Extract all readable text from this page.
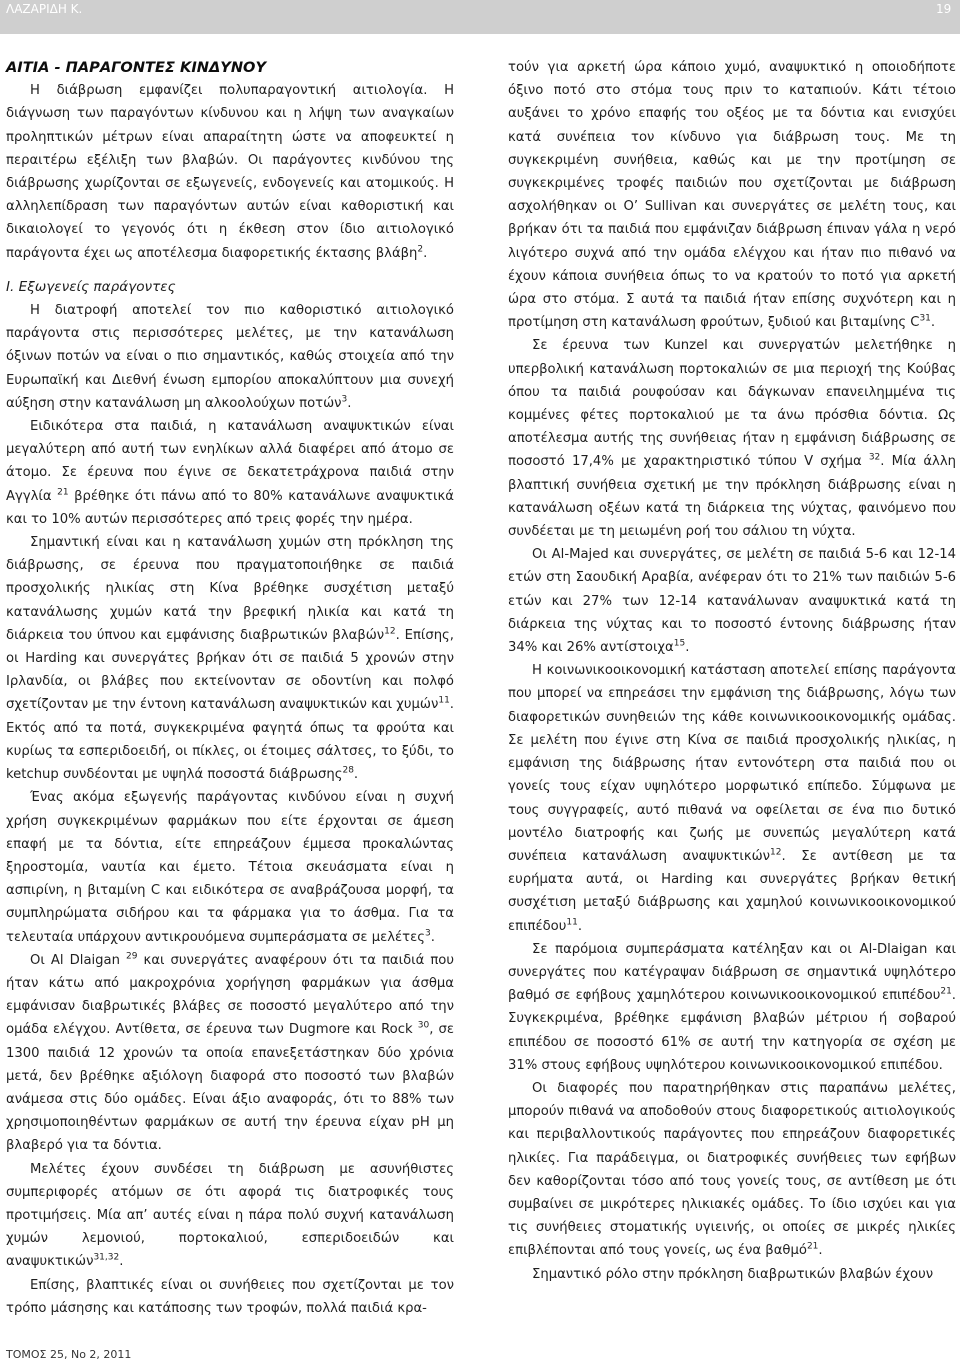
ΛΑΖΑΡΙΔΗ Κ.	19

ΑΙΤΙΑ - ΠΑΡΑΓΟΝΤΕΣ ΚΙΝΔΥΝΟΥ

Η διάβρωση εμφανίζει πολυπαραγοντική αιτιολογία. Η διάγνωση των παραγόντων κίνδυνου και η λήψη των αναγκαίων προληπτικών μέτρων είναι απαραίτητη ώστε να αποφευκτεί η περαιτέρω εξέλιξη των βλαβών. Οι παράγοντες κινδύνου της διάβρωσης χωρίζονται σε εξωγενείς, ενδογενείς και ατομικούς. Η αλληλεπίδραση των παραγόντων αυτών είναι καθοριστική και δικαιολογεί το γεγονός ότι η έκθεση στον ίδιο αιτιολογικό παράγοντα έχει ως αποτέλεσμα διαφορετικής έκτασης βλάβη$^2$.

Ι. Εξωγενείς παράγοντες

Η διατροφή αποτελεί τον πιο καθοριστικό αιτιολογικό παράγοντα στις περισσότερες μελέτες, με την κατανάλωση όξινων ποτών να είναι ο πιο σημαντικός, καθώς στοιχεία από την Ευρωπαϊκή και Διεθνή ένωση εμπορίου αποκαλύπτουν μια συνεχή αύξηση στην κατανάλωση μη αλκοολούχων ποτών$^3$.

Ειδικότερα στα παιδιά, η κατανάλωση αναψυκτικών είναι μεγαλύτερη από αυτή των ενηλίκων αλλά διαφέρει από άτομο σε άτομο. Σε έρευνα που έγινε σε δεκατετράχρονα παιδιά στην Αγγλία $^{21}$ βρέθηκε ότι πάνω από το 80% κατανάλωνε αναψυκτικά και το 10% αυτών περισσότερες από τρεις φορές την ημέρα.

Σημαντική είναι και η κατανάλωση χυμών στη πρόκληση της διάβρωσης, σε έρευνα που πραγματοποιήθηκε σε παιδιά προσχολικής ηλικίας στη Κίνα βρέθηκε συσχέτιση μεταξύ κατανάλωσης χυμών κατά την βρεφική ηλικία και κατά τη διάρκεια του ύπνου και εμφάνισης διαβρωτικών βλαβών$^{12}$. Επίσης, οι Harding και συνεργάτες βρήκαν ότι σε παιδιά 5 χρονών στην Ιρλανδία, οι βλάβες που εκτείνονταν σε οδοντίνη και πολφό σχετίζονταν με την έντονη κατανάλωση αναψυκτικών και χυμών$^{11}$. Εκτός από τα ποτά, συγκεκριμένα φαγητά όπως τα φρούτα και κυρίως τα εσπεριδοειδή, οι πίκλες, οι έτοιμες σάλτσες, το ξύδι, το ketchup συνδέονται με υψηλά ποσοστά διάβρωσης$^{28}$.

Ένας ακόμα εξωγενής παράγοντας κινδύνου είναι η συχνή χρήση συγκεκριμένων φαρμάκων που είτε έρχονται σε άμεση επαφή με τα δόντια, είτε επηρεάζουν έμμεσα προκαλώντας ξηροστομία, ναυτία και έμετο. Τέτοια σκευάσματα είναι η ασπιρίνη, η βιταμίνη C και ειδικότερα σε αναβράζουσα μορφή, τα συμπληρώματα σιδήρου και τα φάρμακα για το άσθμα. Για τα τελευταία υπάρχουν αντικρουόμενα συμπεράσματα σε μελέτες$^3$.

Οι Al Dlaigan $^{29}$ και συνεργάτες αναφέρουν ότι τα παιδιά που ήταν κάτω από μακροχρόνια χορήγηση φαρμάκων για άσθμα εμφάνισαν διαβρωτικές βλάβες σε ποσοστό μεγαλύτερο από την ομάδα ελέγχου. Αντίθετα, σε έρευνα των Dugmore και Rock $^{30}$, σε 1300 παιδιά 12 χρονών τα οποία επανεξετάστηκαν δύο χρόνια μετά, δεν βρέθηκε αξιόλογη διαφορά στο ποσοστό των βλαβών ανάμεσα στις δύο ομάδες. Είναι άξιο αναφοράς, ότι το 88% των χρησιμοποιηθέντων φαρμάκων σε αυτή την έρευνα είχαν pH μη βλαβερό για τα δόντια.

Μελέτες έχουν συνδέσει τη διάβρωση με ασυνήθιστες συμπεριφορές ατόμων σε ότι αφορά τις διατροφικές τους προτιμήσεις. Μία απ’ αυτές είναι η πάρα πολύ συχνή κατανάλωση χυμών λεμονιού, πορτοκαλιού, εσπεριδοειδών και αναψυκτικών$^{31,32}$.

Επίσης, βλαπτικές είναι οι συνήθειες που σχετίζονται με τον τρόπο μάσησης και κατάποσης των τροφών, πολλά παιδιά κρα-

τούν για αρκετή ώρα κάποιο χυμό, αναψυκτικό η οποιοδήποτε όξινο ποτό στο στόμα τους πριν το καταπιούν. Κάτι τέτοιο αυξάνει το χρόνο επαφής του οξέος με τα δόντια και ενισχύει κατά συνέπεια τον κίνδυνο για διάβρωση τους. Με τη συγκεκριμένη συνήθεια, καθώς και με την προτίμηση σε συγκεκριμένες τροφές παιδιών που σχετίζονται με διάβρωση ασχολήθηκαν οι O’ Sullivan και συνεργάτες σε μελέτη τους, και βρήκαν ότι τα παιδιά που εμφάνιζαν διάβρωση έπιναν γάλα η νερό λιγότερο συχνά από την ομάδα ελέγχου και ήταν πιο πιθανό να έχουν κάποια συνήθεια όπως το να κρατούν το ποτό για αρκετή ώρα στο στόμα. Σ αυτά τα παιδιά ήταν επίσης συχνότερη και η προτίμηση στη κατανάλωση φρούτων, ξυδιού και βιταμίνης $C^{31}$.

Σε έρευνα των Kunzel και συνεργατών μελετήθηκε η υπερβολική κατανάλωση πορτοκαλιών σε μια περιοχή της Κούβας όπου τα παιδιά ρουφούσαν και δάγκωναν επανειλημμένα τις κομμένες φέτες πορτοκαλιού με τα άνω πρόσθια δόντια. Ως αποτέλεσμα αυτής της συνήθειας ήταν η εμφάνιση διάβρωσης σε ποσοστό 17,4% με χαρακτηριστικό τύπου V σχήμα $^{32}$. Μία άλλη βλαπτική συνήθεια σχετική με την πρόκληση διάβρωσης είναι η κατανάλωση οξέων κατά τη διάρκεια της νύχτας, φαινόμενο που συνδέεται με τη μειωμένη ροή του σάλιου τη νύχτα.

Οι Al-Majed και συνεργάτες, σε μελέτη σε παιδιά 5-6 και 12-14 ετών στη Σαουδική Αραβία, ανέφεραν ότι το 21% των παιδιών 5-6 ετών και 27% των 12-14 κατανάλωναν αναψυκτικά κατά τη διάρκεια της νύχτας και το ποσοστό έντονης διάβρωσης ήταν 34% και 26% αντίστοιχα$^{15}$.

Η κοινωνικοοικονομική κατάσταση αποτελεί επίσης παράγοντα που μπορεί να επηρεάσει την εμφάνιση της διάβρωσης, λόγω των διαφορετικών συνηθειών της κάθε κοινωνικοοικονομικής ομάδας. Σε μελέτη που έγινε στη Κίνα σε παιδιά προσχολικής ηλικίας, η εμφάνιση της διάβρωσης ήταν εντονότερη στα παιδιά που οι γονείς τους είχαν υψηλότερο μορφωτικό επίπεδο. Σύμφωνα με τους συγγραφείς, αυτό πιθανά να οφείλεται σε ένα πιο δυτικό μοντέλο διατροφής και ζωής με συνεπώς μεγαλύτερη κατά συνέπεια κατανάλωση αναψυκτικών$^{12}$. Σε αντίθεση με τα ευρήματα αυτά, οι Harding και συνεργάτες βρήκαν θετική συσχέτιση μεταξύ διάβρωσης και χαμηλού κοινωνικοοικονομικού επιπέδου$^{11}$.

Σε παρόμοια συμπεράσματα κατέληξαν και οι Al-Dlaigan και συνεργάτες που κατέγραψαν διάβρωση σε σημαντικά υψηλότερο βαθμό σε εφήβους χαμηλότερου κοινωνικοοικονομικού επιπέδου$^{21}$. Συγκεκριμένα, βρέθηκε εμφάνιση βλαβών μέτριου ή σοβαρού επιπέδου σε ποσοστό 61% σε αυτή την κατηγορία σε σχέση με 31% στους εφήβους υψηλότερου κοινωνικοοικονομικού επιπέδου.

Οι διαφορές που παρατηρήθηκαν στις παραπάνω μελέτες, μπορούν πιθανά να αποδοθούν στους διαφορετικούς αιτιολογικούς και περιβαλλοντικούς παράγοντες που επηρεάζουν διαφορετικές ηλικίες. Για παράδειγμα, οι διατροφικές συνήθειες των εφήβων δεν καθορίζονται τόσο από τους γονείς τους, σε αντίθεση με ότι συμβαίνει σε μικρότερες ηλικιακές ομάδες. Το ίδιο ισχύει και για τις συνήθειες στοματικής υγιεινής, οι οποίες σε μικρές ηλικίες επιβλέπονται από τους γονείς, ως ένα βαθμό$^{21}$.

Σημαντικό ρόλο στην πρόκληση διαβρωτικών βλαβών έχουν

ΤΟΜΟΣ 25, Νο 2, 2011
